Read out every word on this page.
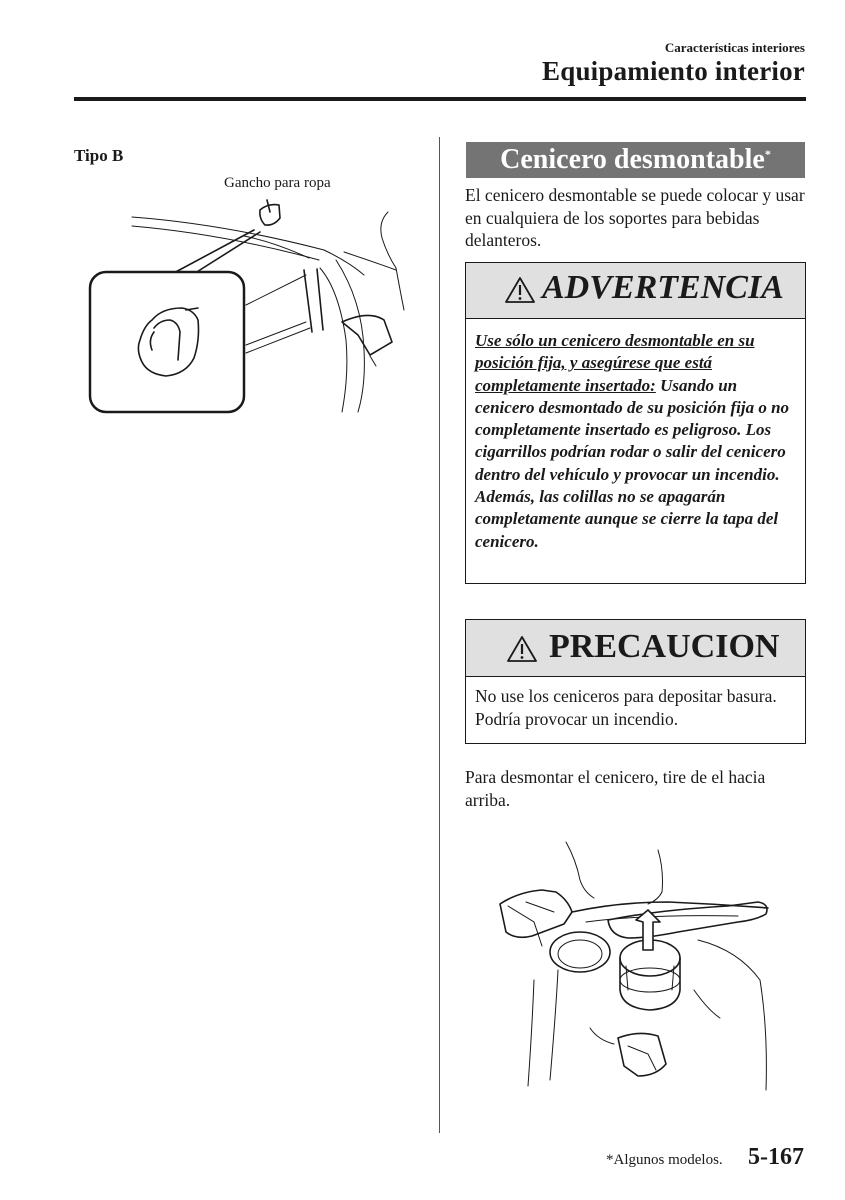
Características interiores
Equipamiento interior
Tipo B
Gancho para ropa
Cenicero desmontable*
El cenicero desmontable se puede colocar y usar en cualquiera de los soportes para bebidas delanteros.
ADVERTENCIA
Use sólo un cenicero desmontable en su posición fija, y asegúrese que está completamente insertado: Usando un cenicero desmontado de su posición fija o no completamente insertado es peligroso. Los cigarrillos podrían rodar o salir del cenicero dentro del vehículo y provocar un incendio. Además, las colillas no se apagarán completamente aunque se cierre la tapa del cenicero.
PRECAUCION
No use los ceniceros para depositar basura. Podría provocar un incendio.
Para desmontar el cenicero, tire de el hacia arriba.
*Algunos modelos. 5-167
